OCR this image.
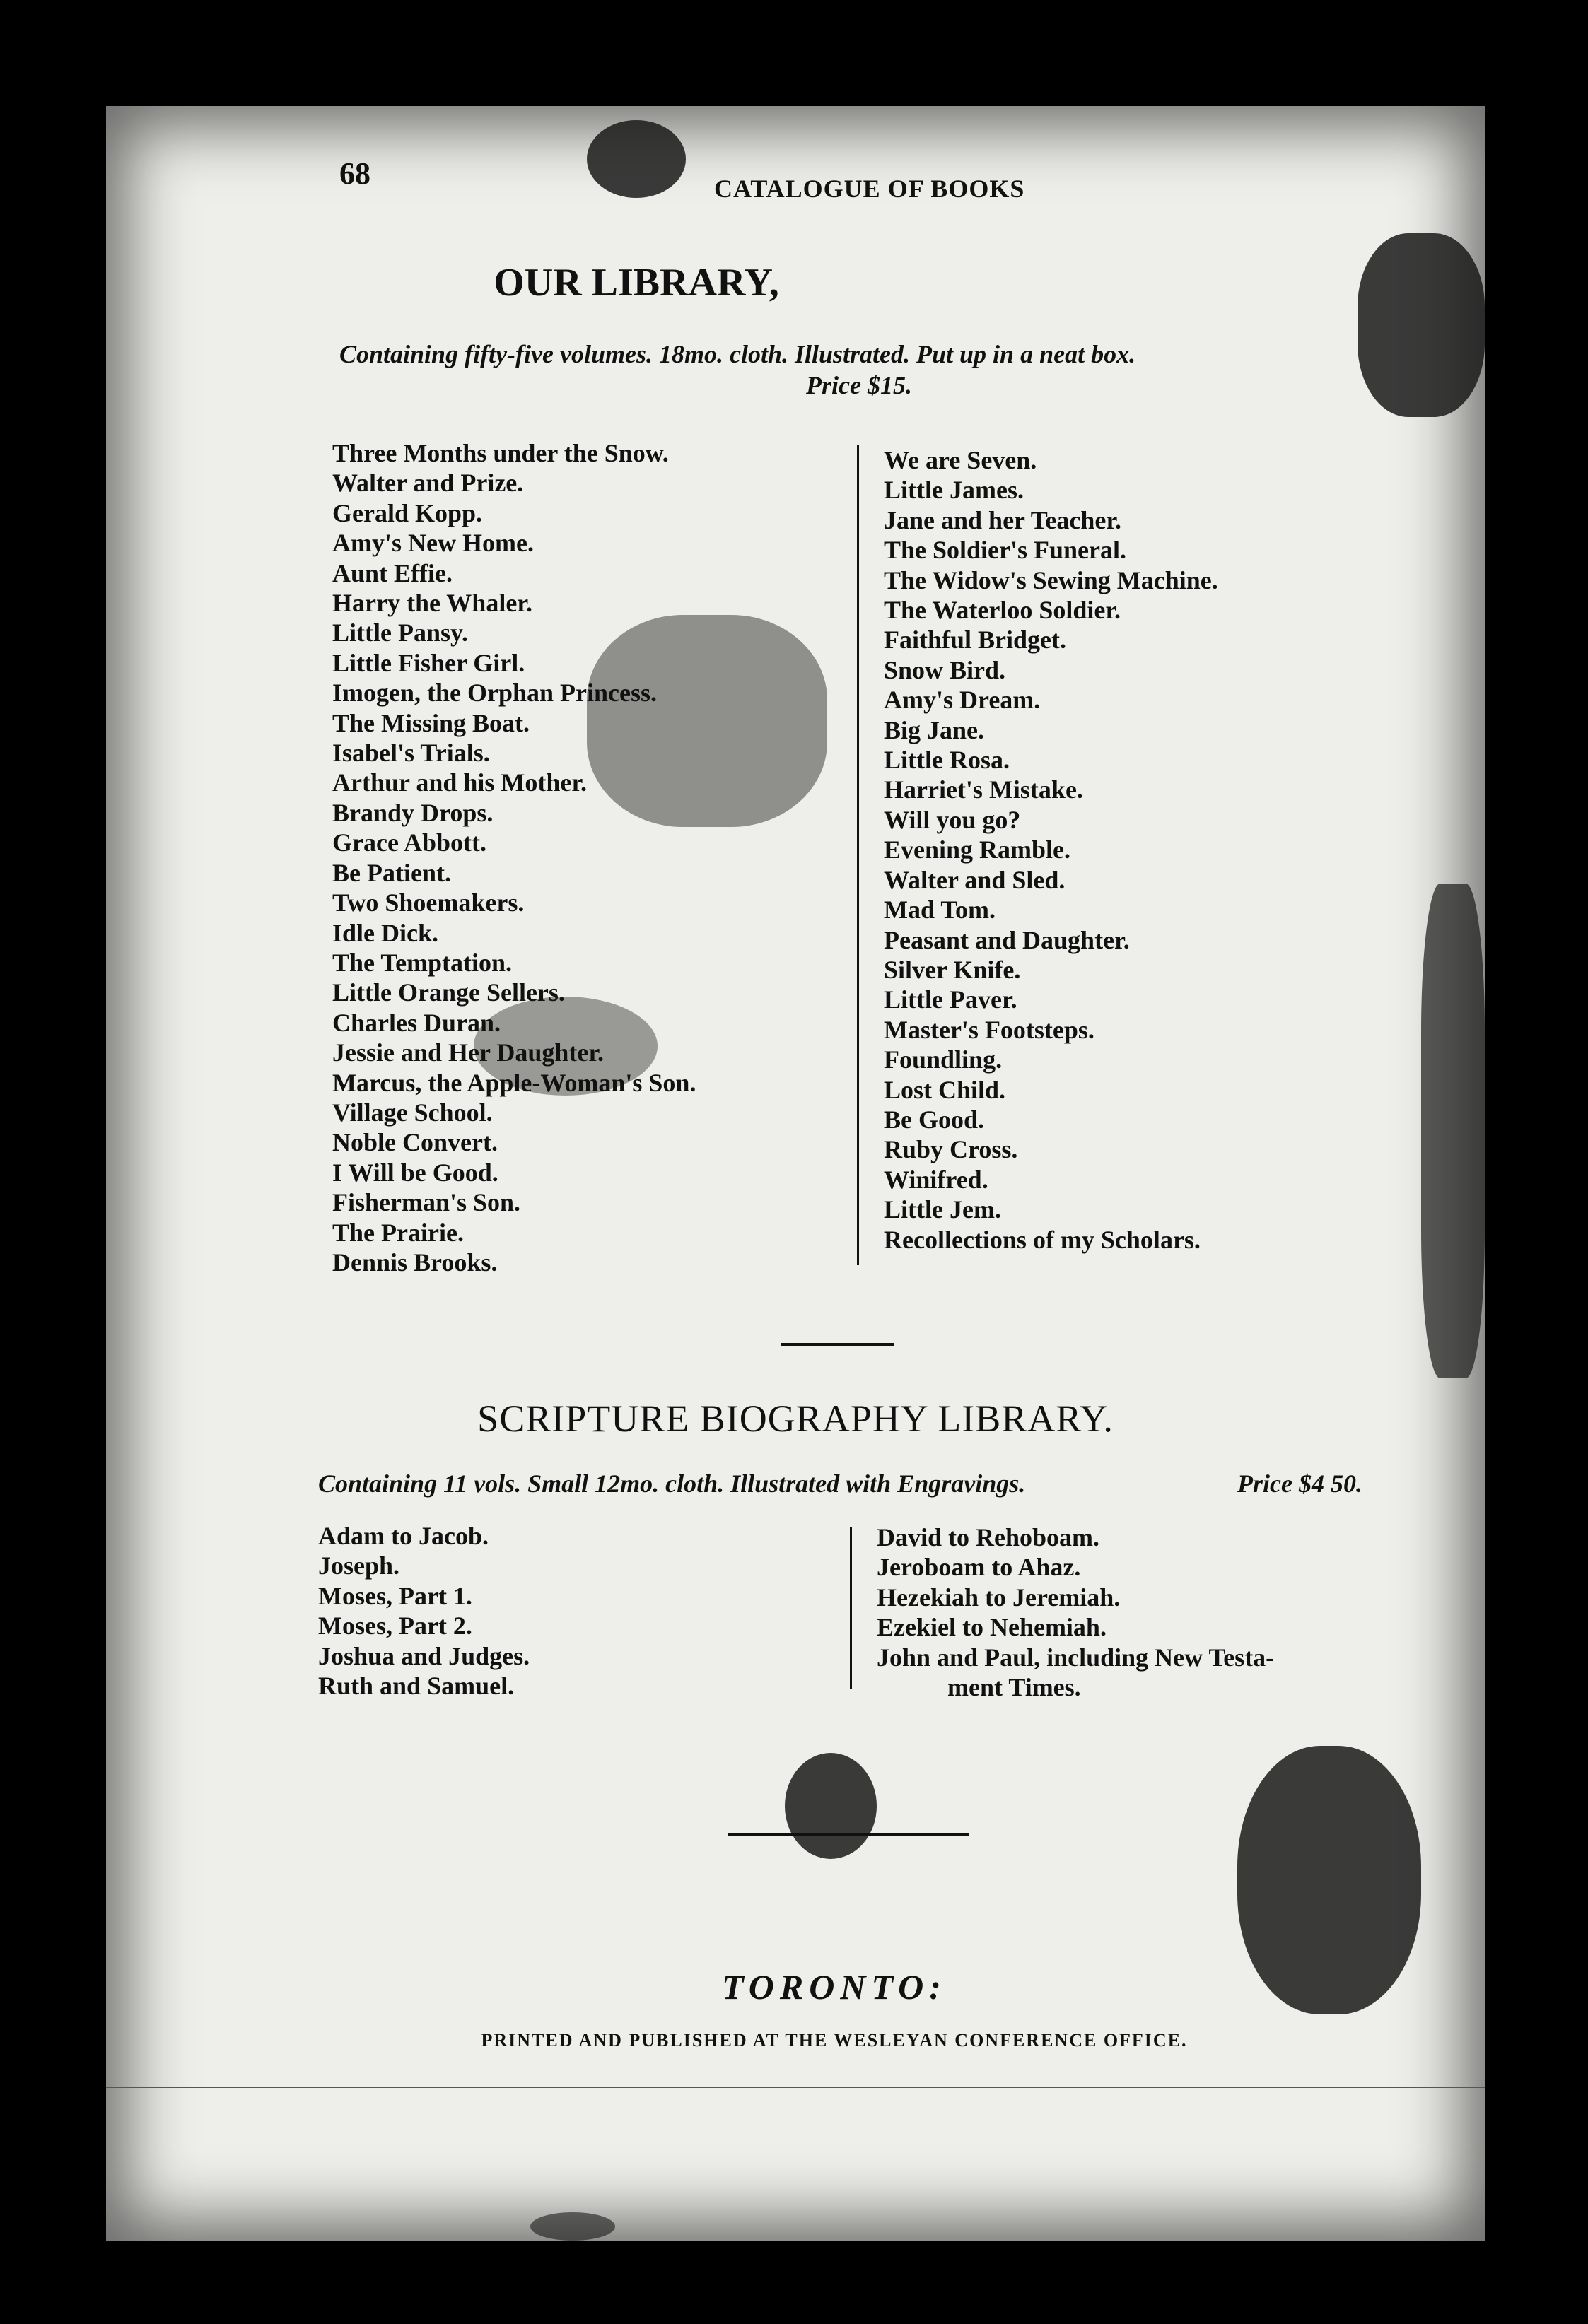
68	CATALOGUE OF BOOKS
OUR LIBRARY,
Containing fifty-five volumes. 18mo. cloth. Illustrated. Put up in a neat box.
Price $15.
Three Months under the Snow.
Walter and Prize.
Gerald Kopp.
Amy's New Home.
Aunt Effie.
Harry the Whaler.
Little Pansy.
Little Fisher Girl.
Imogen, the Orphan Princess.
The Missing Boat.
Isabel's Trials.
Arthur and his Mother.
Brandy Drops.
Grace Abbott.
Be Patient.
Two Shoemakers.
Idle Dick.
The Temptation.
Little Orange Sellers.
Charles Duran.
Jessie and Her Daughter.
Marcus, the Apple-Woman's Son.
Village School.
Noble Convert.
I Will be Good.
Fisherman's Son.
The Prairie.
Dennis Brooks.
We are Seven.
Little James.
Jane and her Teacher.
The Soldier's Funeral.
The Widow's Sewing Machine.
The Waterloo Soldier.
Faithful Bridget.
Snow Bird.
Amy's Dream.
Big Jane.
Little Rosa.
Harriet's Mistake.
Will you go?
Evening Ramble.
Walter and Sled.
Mad Tom.
Peasant and Daughter.
Silver Knife.
Little Paver.
Master's Footsteps.
Foundling.
Lost Child.
Be Good.
Ruby Cross.
Winifred.
Little Jem.
Recollections of my Scholars.
SCRIPTURE BIOGRAPHY LIBRARY.
Containing 11 vols. Small 12mo. cloth. Illustrated with Engravings.	Price $4 50.
Adam to Jacob.
Joseph.
Moses, Part 1.
Moses, Part 2.
Joshua and Judges.
Ruth and Samuel.
David to Rehoboam.
Jeroboam to Ahaz.
Hezekiah to Jeremiah.
Ezekiel to Nehemiah.
John and Paul, including New Testa-
ment Times.
TORONTO:
PRINTED AND PUBLISHED AT THE WESLEYAN CONFERENCE OFFICE.
